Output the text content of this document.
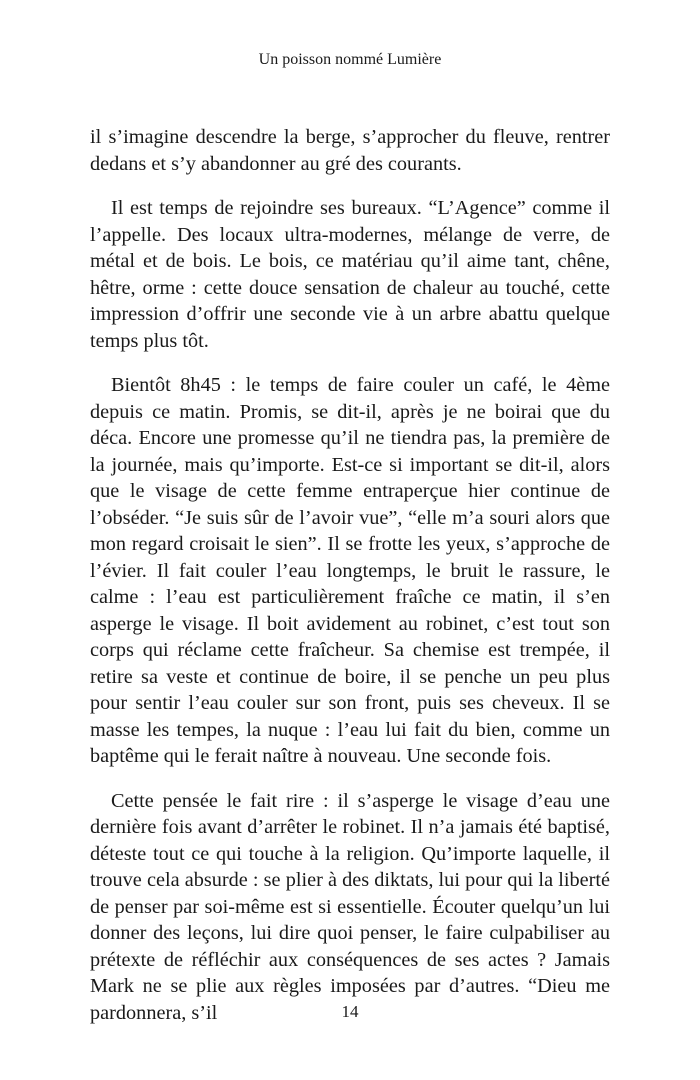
Un poisson nommé Lumière

il s’imagine descendre la berge, s’approcher du fleuve, rentrer dedans et s’y abandonner au gré des courants.

Il est temps de rejoindre ses bureaux. “L’Agence” comme il l’appelle. Des locaux ultra-modernes, mélange de verre, de métal et de bois. Le bois, ce matériau qu’il aime tant, chêne, hêtre, orme : cette douce sensation de chaleur au touché, cette impression d’offrir une seconde vie à un arbre abattu quelque temps plus tôt.

Bientôt 8h45 : le temps de faire couler un café, le 4ème depuis ce matin. Promis, se dit-il, après je ne boirai que du déca. Encore une promesse qu’il ne tiendra pas, la première de la journée, mais qu’importe. Est-ce si important se dit-il, alors que le visage de cette femme entraperçue hier continue de l’obséder. “Je suis sûr de l’avoir vue”, “elle m’a souri alors que mon regard croisait le sien”. Il se frotte les yeux, s’approche de l’évier. Il fait couler l’eau longtemps, le bruit le rassure, le calme : l’eau est particulièrement fraîche ce matin, il s’en asperge le visage. Il boit avidement au robinet, c’est tout son corps qui réclame cette fraîcheur. Sa chemise est trempée, il retire sa veste et continue de boire, il se penche un peu plus pour sentir l’eau couler sur son front, puis ses cheveux. Il se masse les tempes, la nuque : l’eau lui fait du bien, comme un baptême qui le ferait naître à nouveau. Une seconde fois.

Cette pensée le fait rire : il s’asperge le visage d’eau une dernière fois avant d’arrêter le robinet. Il n’a jamais été baptisé, déteste tout ce qui touche à la religion. Qu’importe laquelle, il trouve cela absurde : se plier à des diktats, lui pour qui la liberté de penser par soi-même est si essentielle. Écouter quelqu’un lui donner des leçons, lui dire quoi penser, le faire culpabiliser au prétexte de réfléchir aux conséquences de ses actes ? Jamais Mark ne se plie aux règles imposées par d’autres. “Dieu me pardonnera, s’il	14
